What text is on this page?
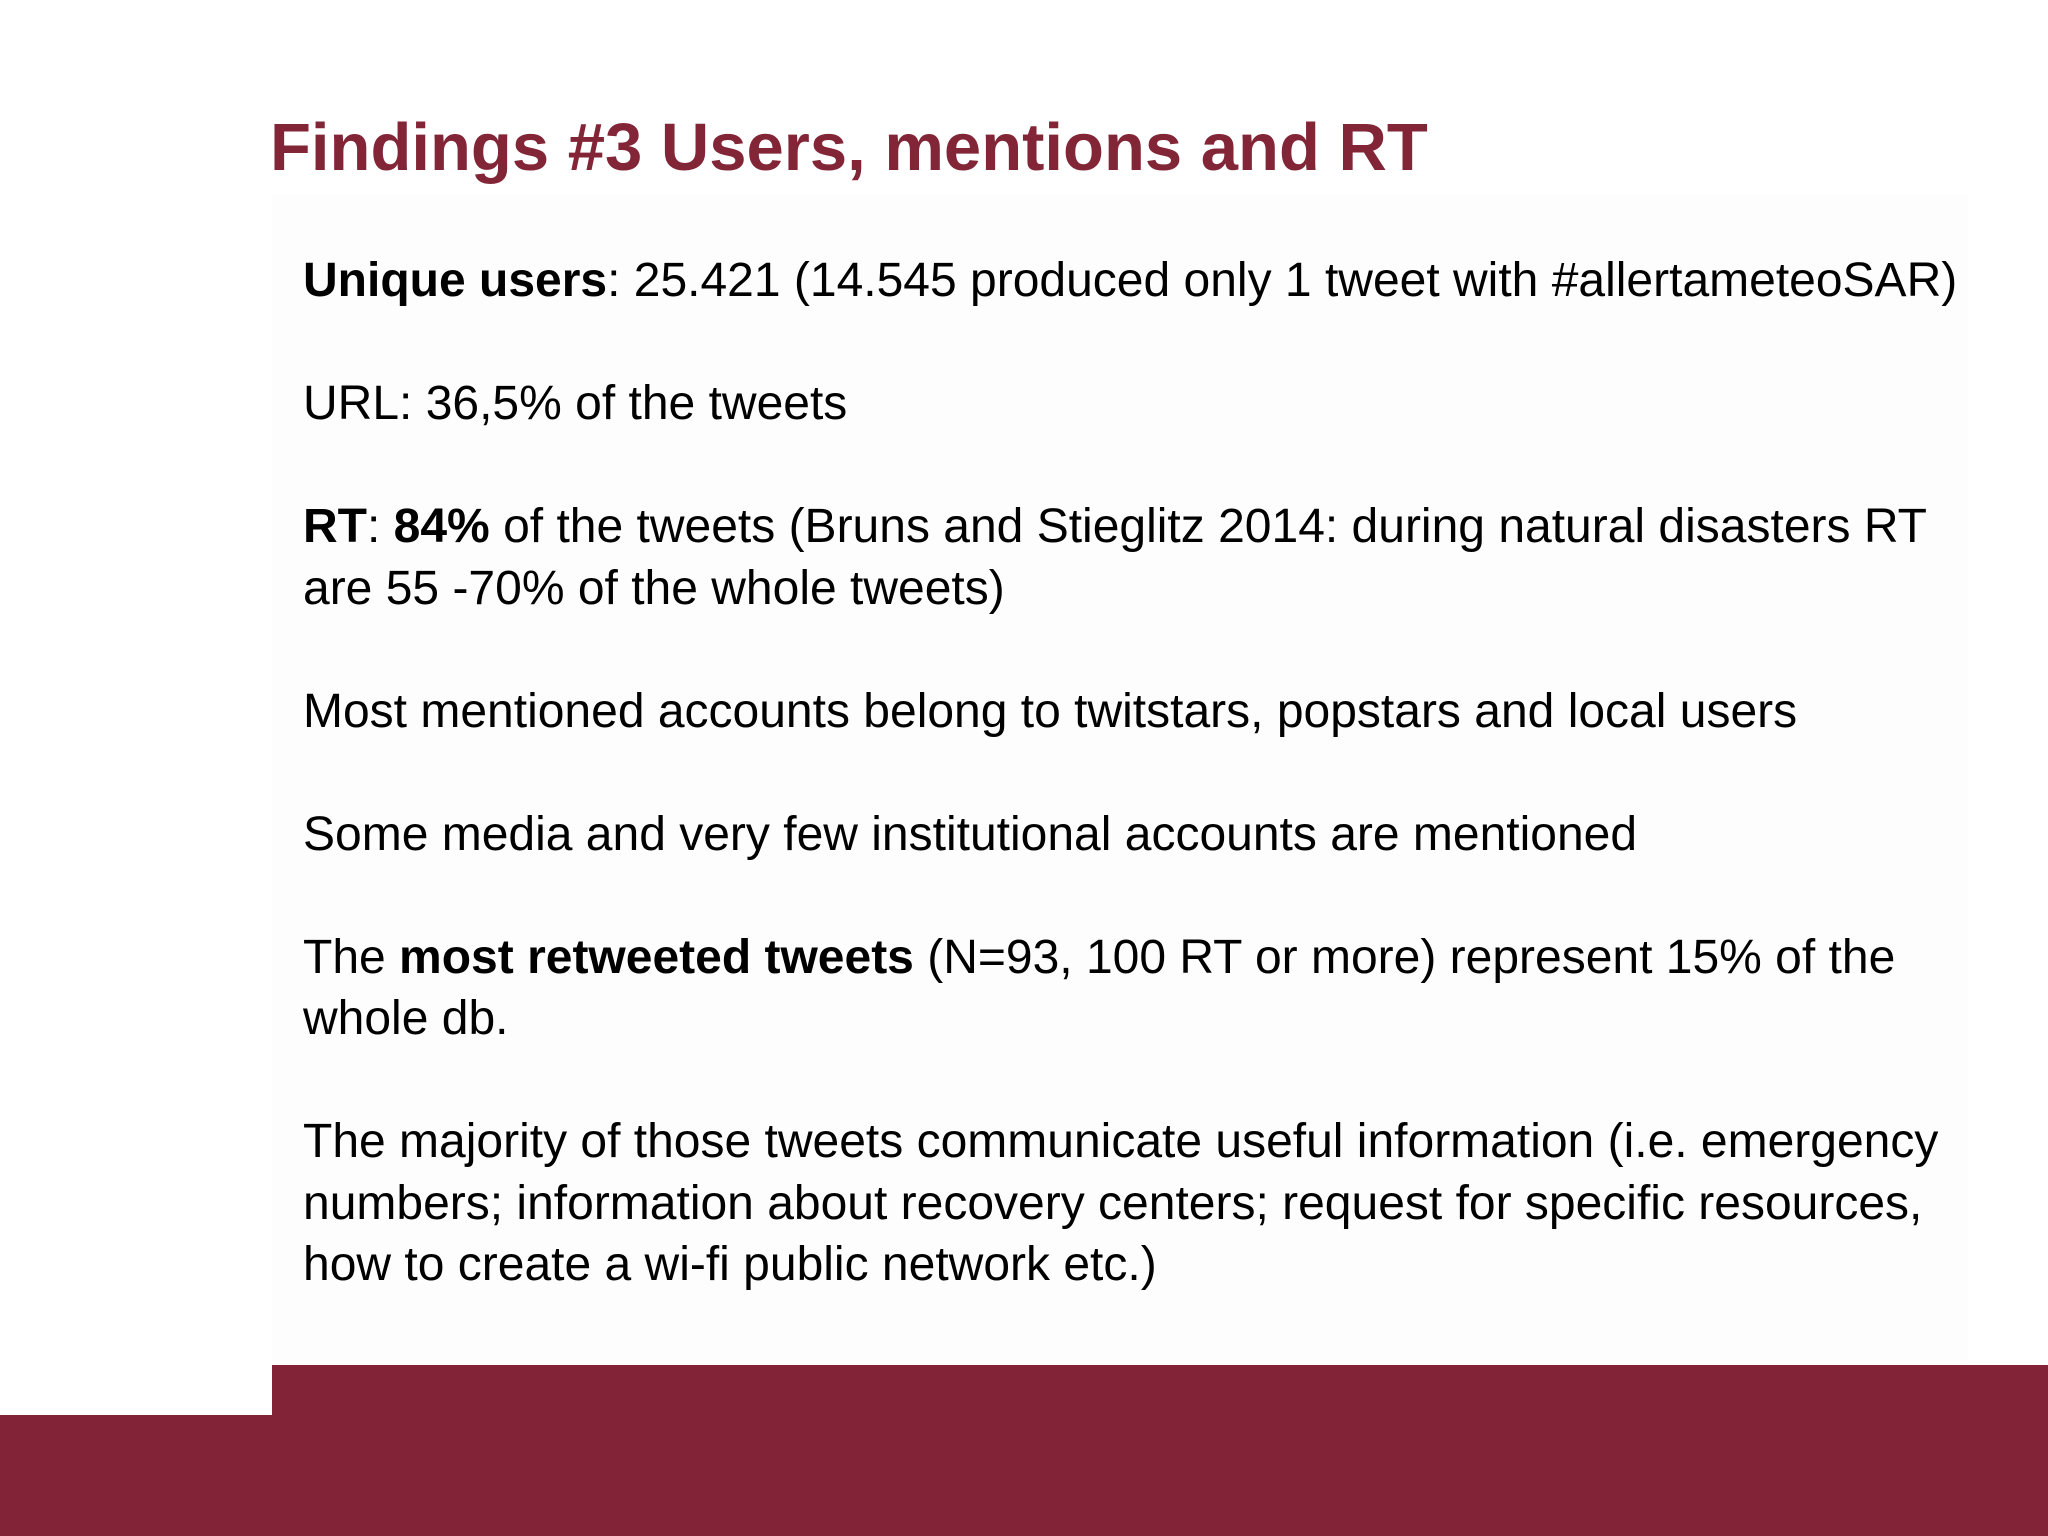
Findings #3 Users, mentions and RT

Unique users: 25.421 (14.545 produced only 1 tweet with #allertameteoSAR)

URL: 36,5% of the tweets

RT: 84% of the tweets (Bruns and Stieglitz 2014: during natural disasters RT are 55 -70% of the whole tweets)

Most mentioned accounts belong to twitstars, popstars and local users

Some media and very few institutional accounts are mentioned

The most retweeted tweets (N=93, 100 RT or more) represent 15% of the whole db.

The majority of those tweets communicate useful information (i.e. emergency numbers; information about recovery centers; request for specific resources, how to create a wi-fi public network etc.)
